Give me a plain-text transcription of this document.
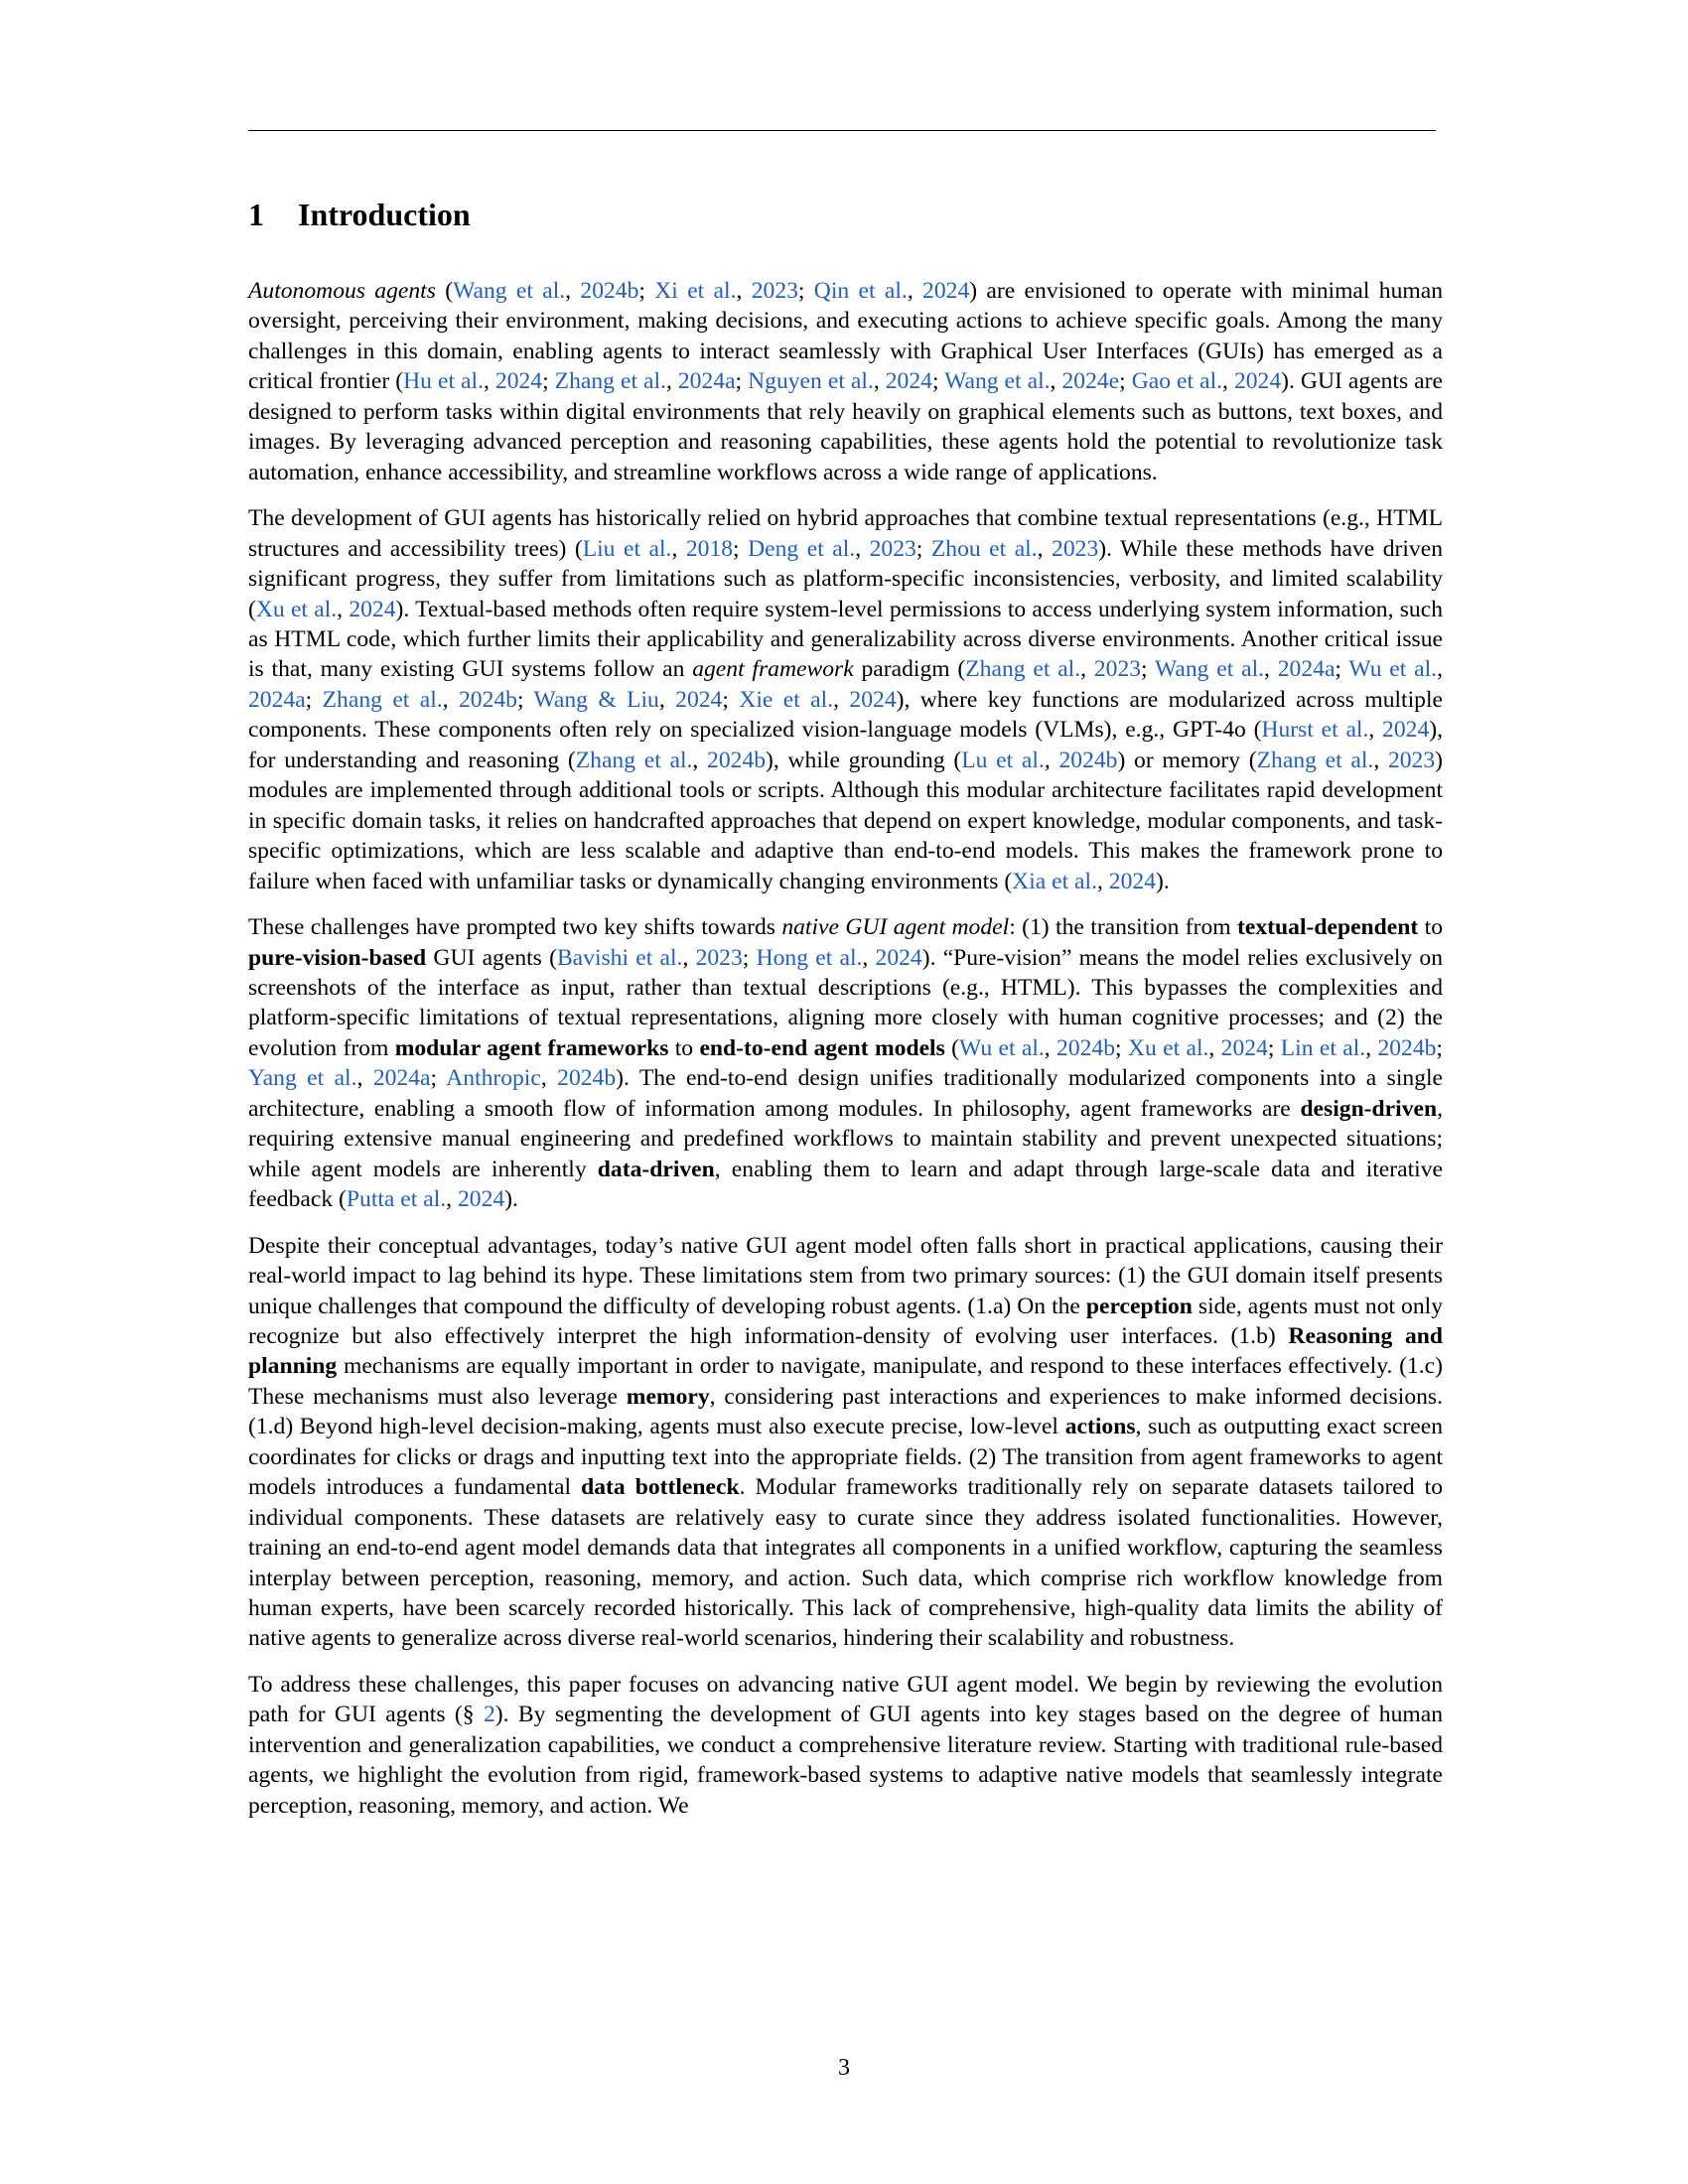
1 Introduction

Autonomous agents (Wang et al., 2024b; Xi et al., 2023; Qin et al., 2024) are envisioned to operate with minimal human oversight, perceiving their environment, making decisions, and executing actions to achieve specific goals. Among the many challenges in this domain, enabling agents to interact seamlessly with Graphical User Interfaces (GUIs) has emerged as a critical frontier (Hu et al., 2024; Zhang et al., 2024a; Nguyen et al., 2024; Wang et al., 2024e; Gao et al., 2024). GUI agents are designed to perform tasks within digital environments that rely heavily on graphical elements such as buttons, text boxes, and images. By leveraging advanced perception and reasoning capabilities, these agents hold the potential to revolutionize task automation, enhance accessibility, and streamline workflows across a wide range of applications.

The development of GUI agents has historically relied on hybrid approaches that combine textual representations (e.g., HTML structures and accessibility trees) (Liu et al., 2018; Deng et al., 2023; Zhou et al., 2023). While these methods have driven significant progress, they suffer from limitations such as platform-specific inconsistencies, verbosity, and limited scalability (Xu et al., 2024). Textual-based methods often require system-level permissions to access underlying system information, such as HTML code, which further limits their applicability and generalizability across diverse environments. Another critical issue is that, many existing GUI systems follow an agent framework paradigm (Zhang et al., 2023; Wang et al., 2024a; Wu et al., 2024a; Zhang et al., 2024b; Wang & Liu, 2024; Xie et al., 2024), where key functions are modularized across multiple components. These components often rely on specialized vision-language models (VLMs), e.g., GPT-4o (Hurst et al., 2024), for understanding and reasoning (Zhang et al., 2024b), while grounding (Lu et al., 2024b) or memory (Zhang et al., 2023) modules are implemented through additional tools or scripts. Although this modular architecture facilitates rapid development in specific domain tasks, it relies on handcrafted approaches that depend on expert knowledge, modular components, and task-specific optimizations, which are less scalable and adaptive than end-to-end models. This makes the framework prone to failure when faced with unfamiliar tasks or dynamically changing environments (Xia et al., 2024).

These challenges have prompted two key shifts towards native GUI agent model: (1) the transition from textual-dependent to pure-vision-based GUI agents (Bavishi et al., 2023; Hong et al., 2024). “Pure-vision” means the model relies exclusively on screenshots of the interface as input, rather than textual descriptions (e.g., HTML). This bypasses the complexities and platform-specific limitations of textual representations, aligning more closely with human cognitive processes; and (2) the evolution from modular agent frameworks to end-to-end agent models (Wu et al., 2024b; Xu et al., 2024; Lin et al., 2024b; Yang et al., 2024a; Anthropic, 2024b). The end-to-end design unifies traditionally modularized components into a single architecture, enabling a smooth flow of information among modules. In philosophy, agent frameworks are design-driven, requiring extensive manual engineering and predefined workflows to maintain stability and prevent unexpected situations; while agent models are inherently data-driven, enabling them to learn and adapt through large-scale data and iterative feedback (Putta et al., 2024).

Despite their conceptual advantages, today’s native GUI agent model often falls short in practical applications, causing their real-world impact to lag behind its hype. These limitations stem from two primary sources: (1) the GUI domain itself presents unique challenges that compound the difficulty of developing robust agents. (1.a) On the perception side, agents must not only recognize but also effectively interpret the high information-density of evolving user interfaces. (1.b) Reasoning and planning mechanisms are equally important in order to navigate, manipulate, and respond to these interfaces effectively. (1.c) These mechanisms must also leverage memory, considering past interactions and experiences to make informed decisions. (1.d) Beyond high-level decision-making, agents must also execute precise, low-level actions, such as outputting exact screen coordinates for clicks or drags and inputting text into the appropriate fields. (2) The transition from agent frameworks to agent models introduces a fundamental data bottleneck. Modular frameworks traditionally rely on separate datasets tailored to individual components. These datasets are relatively easy to curate since they address isolated functionalities. However, training an end-to-end agent model demands data that integrates all components in a unified workflow, capturing the seamless interplay between perception, reasoning, memory, and action. Such data, which comprise rich workflow knowledge from human experts, have been scarcely recorded historically. This lack of comprehensive, high-quality data limits the ability of native agents to generalize across diverse real-world scenarios, hindering their scalability and robustness.

To address these challenges, this paper focuses on advancing native GUI agent model. We begin by reviewing the evolution path for GUI agents (§ 2). By segmenting the development of GUI agents into key stages based on the degree of human intervention and generalization capabilities, we conduct a comprehensive literature review. Starting with traditional rule-based agents, we highlight the evolution from rigid, framework-based systems to adaptive native models that seamlessly integrate perception, reasoning, memory, and action. We

3
